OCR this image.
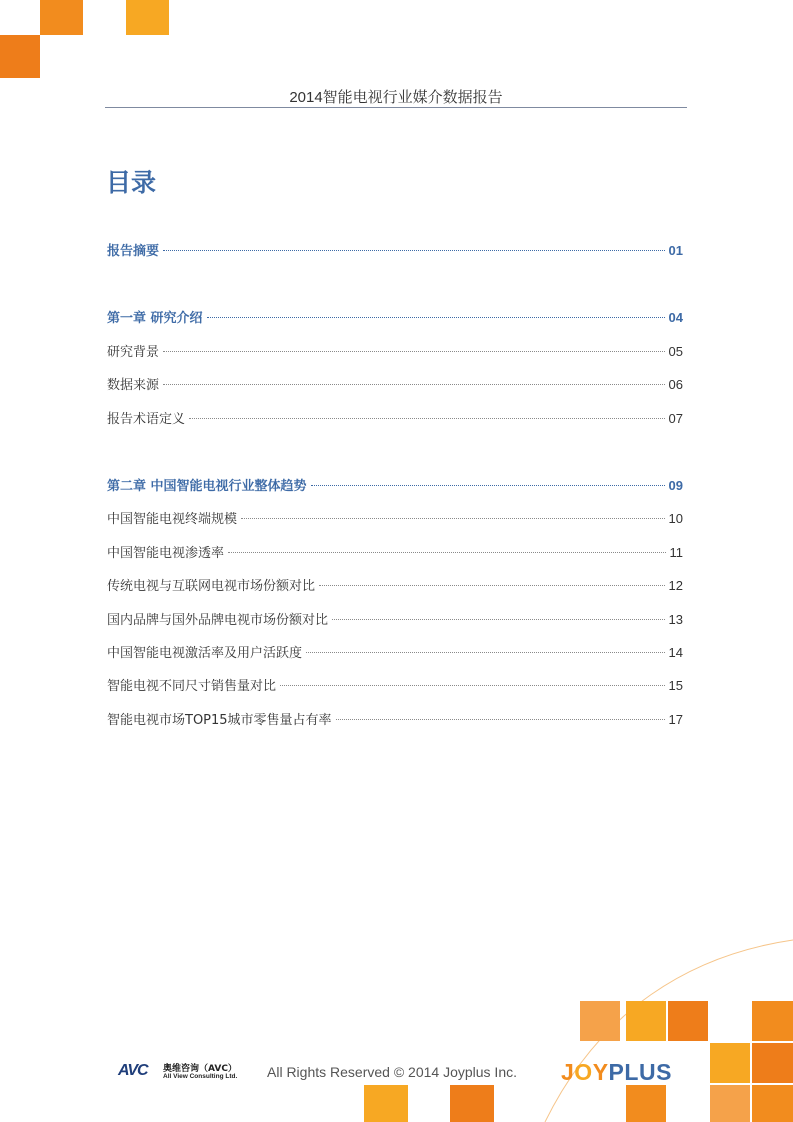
2014智能电视行业媒介数据报告
目录
报告摘要	01
第一章 研究介绍	04
研究背景	05
数据来源	06
报告术语定义	07
第二章 中国智能电视行业整体趋势	09
中国智能电视终端规模	10
中国智能电视渗透率	11
传统电视与互联网电视市场份额对比	12
国内品牌与国外品牌电视市场份额对比	13
中国智能电视激活率及用户活跃度	14
智能电视不同尺寸销售量对比	15
智能电视市场TOP15城市零售量占有率	17
AVC 奥维咨询（AVC）
All View Consulting Ltd. All Rights Reserved © 2014 Joyplus Inc. JOYPLUS
